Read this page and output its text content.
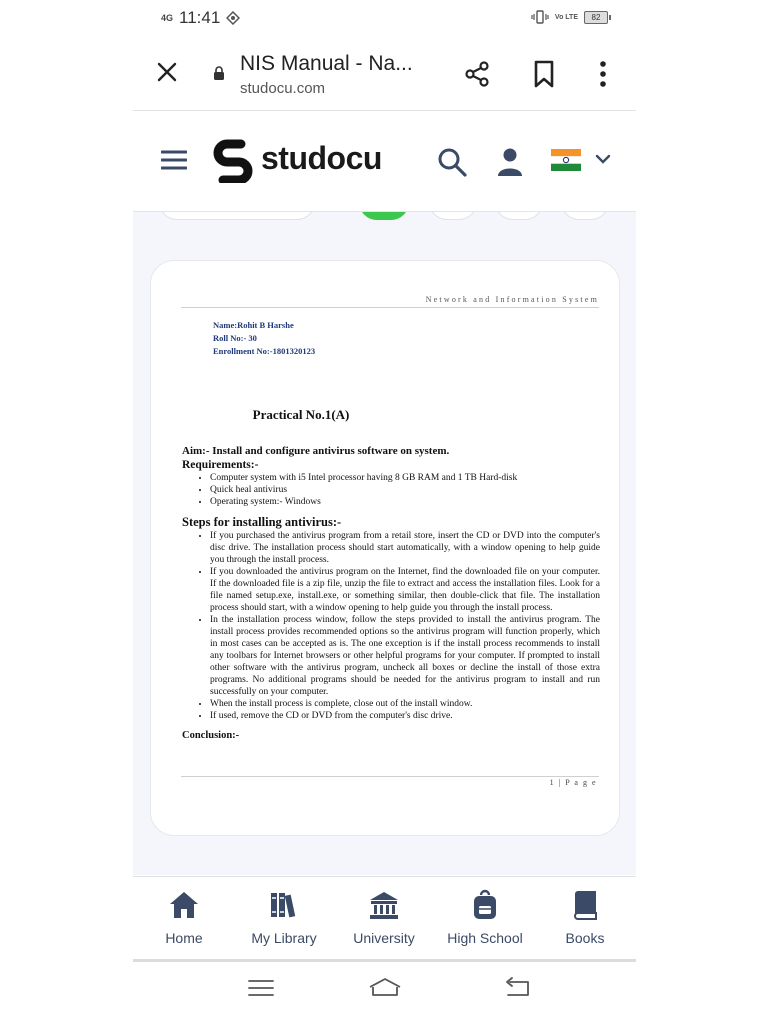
4G 11:41	Vo LTE	82
NIS Manual - Na...
studocu.com
studocu
Network and Information System
Name:Rohit B Harshe
Roll No:- 30
Enrollment No:-1801320123
Practical No.1(A)
Aim:- Install and configure antivirus software on system.
Requirements:-
• Computer system with i5 Intel processor having 8 GB RAM and 1 TB Hard-disk
• Quick heal antivirus
• Operating system:- Windows
Steps for installing antivirus:-
• If you purchased the antivirus program from a retail store, insert the CD or DVD into the computer's disc drive. The installation process should start automatically, with a window opening to help guide you through the install process.
• If you downloaded the antivirus program on the Internet, find the downloaded file on your computer. If the downloaded file is a zip file, unzip the file to extract and access the installation files. Look for a file named setup.exe, install.exe, or something similar, then double-click that file. The installation process should start, with a window opening to help guide you through the install process.
• In the installation process window, follow the steps provided to install the antivirus program. The install process provides recommended options so the antivirus program will function properly, which in most cases can be accepted as is. The one exception is if the install process recommends to install any toolbars for Internet browsers or other helpful programs for your computer. If prompted to install other software with the antivirus program, uncheck all boxes or decline the install of those extra programs. No additional programs should be needed for the antivirus program to install and run successfully on your computer.
• When the install process is complete, close out of the install window.
• If used, remove the CD or DVD from the computer's disc drive.
Conclusion:-
1 | P a g e
Home	My Library	University	High School	Books
